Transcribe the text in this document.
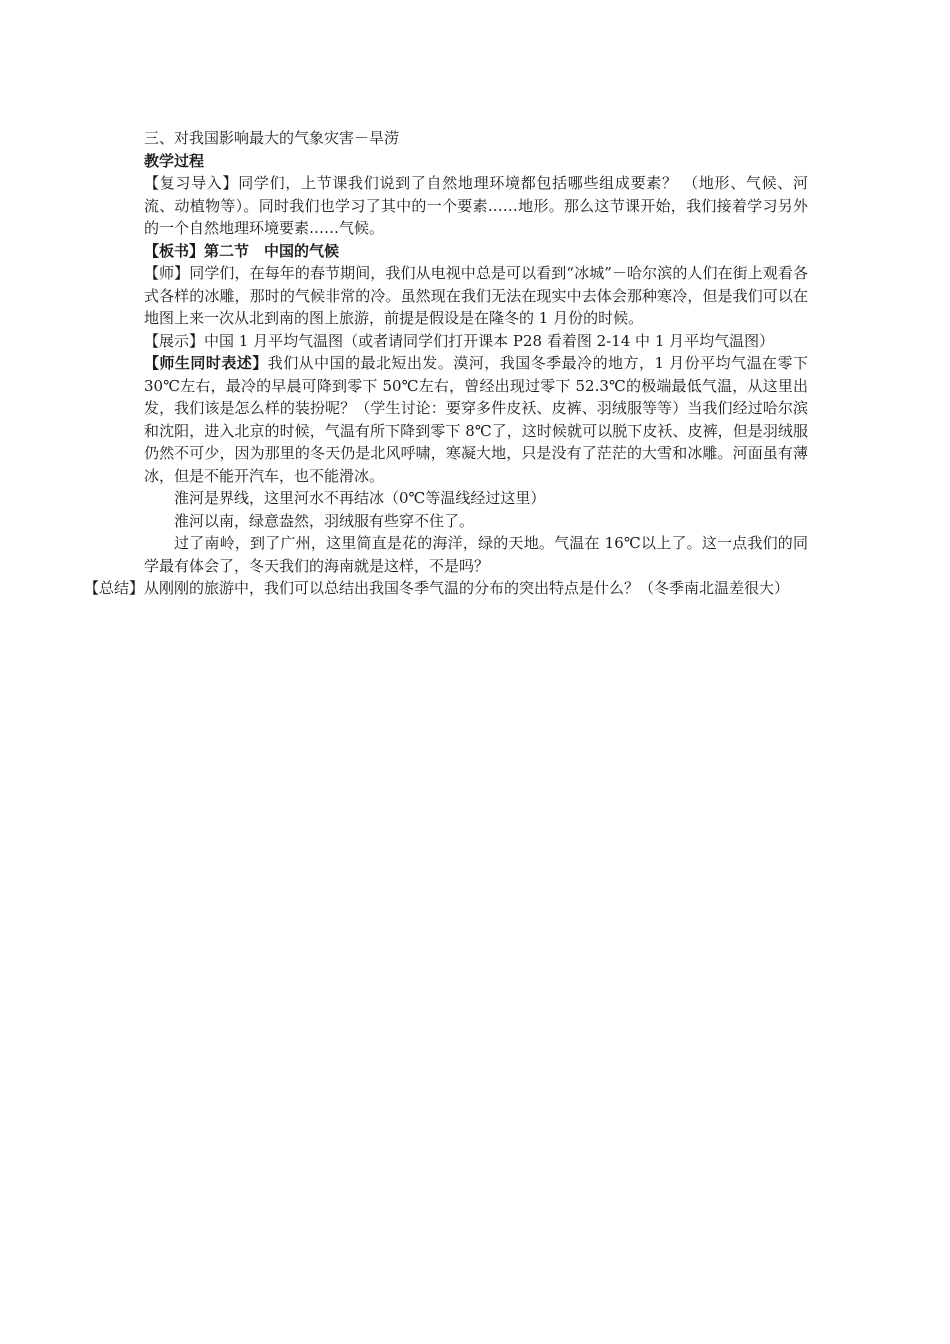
三、对我国影响最大的气象灾害－旱涝

教学过程

【复习导入】同学们，上节课我们说到了自然地理环境都包括哪些组成要素？ （地形、气候、河流、动植物等）。同时我们也学习了其中的一个要素……地形。那么这节课开始，我们接着学习另外的一个自然地理环境要素……气候。

【板书】第二节　中国的气候

【师】同学们，在每年的春节期间，我们从电视中总是可以看到“冰城”－哈尔滨的人们在街上观看各式各样的冰雕，那时的气候非常的冷。虽然现在我们无法在现实中去体会那种寒冷，但是我们可以在地图上来一次从北到南的图上旅游，前提是假设是在隆冬的 1 月份的时候。

【展示】中国 1 月平均气温图（或者请同学们打开课本 P28 看着图 2-14 中 1 月平均气温图）

【师生同时表述】我们从中国的最北短出发。漠河，我国冬季最冷的地方，1 月份平均气温在零下 30℃左右，最冷的早晨可降到零下 50℃左右，曾经出现过零下 52.3℃的极端最低气温，从这里出发，我们该是怎么样的装扮呢？（学生讨论：要穿多件皮袄、皮裤、羽绒服等等）当我们经过哈尔滨和沈阳，进入北京的时候，气温有所下降到零下 8℃了，这时候就可以脱下皮袄、皮裤，但是羽绒服仍然不可少，因为那里的冬天仍是北风呼啸，寒凝大地，只是没有了茫茫的大雪和冰雕。河面虽有薄冰，但是不能开汽车，也不能滑冰。

淮河是界线，这里河水不再结冰（0℃等温线经过这里）

淮河以南，绿意盎然，羽绒服有些穿不住了。

过了南岭，到了广州，这里简直是花的海洋，绿的天地。气温在 16℃以上了。这一点我们的同学最有体会了，冬天我们的海南就是这样，不是吗？

【总结】从刚刚的旅游中，我们可以总结出我国冬季气温的分布的突出特点是什么？（冬季南北温差很大）
